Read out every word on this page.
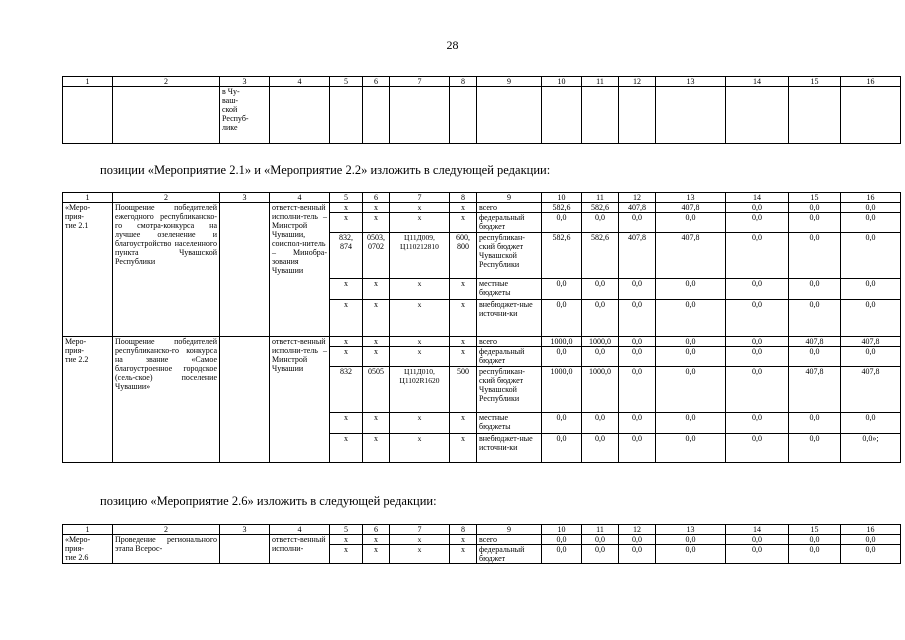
28
1	2	3	4	5	6	7	8	9	10	11	12	13	14	15	16
		в Чу-
ваш-
ской
Респуб-
лике													
позиции «Мероприятие 2.1» и «Мероприятие 2.2» изложить в следующей редакции:
1	2	3	4	5	6	7	8	9	10	11	12	13	14	15	16
«Меро-
прия-
тие 2.1	Поощрение победителей ежегодного республиканско-го смотра-конкурса на лучшее озеленение и благоустройство населенного пункта Чувашской Республики		ответст-венный исполни-тель – Минстрой Чувашии, соиспол-нитель – Минобра-зования Чувашии	x	x	x	x	всего	582,6	582,6	407,8	407,8	0,0	0,0	0,0
				x	x	x	x	федеральный бюджет	0,0	0,0	0,0	0,0	0,0	0,0	0,0
				832,
874	0503,
0702	Ц11Д009,
Ц110212810	600,
800	республикан-ский бюджет Чувашской Республики	582,6	582,6	407,8	407,8	0,0	0,0	0,0
				x	x	x	x	местные бюджеты	0,0	0,0	0,0	0,0	0,0	0,0	0,0
				x	x	x	x	внебюджет-ные источни-ки	0,0	0,0	0,0	0,0	0,0	0,0	0,0
Меро-
прия-
тие 2.2	Поощрение победителей республиканско-го конкурса на звание «Самое благоустроенное городское (сель-ское) поселение Чувашии»		ответст-венный исполни-тель – Минстрой Чувашии	x	x	x	x	всего	1000,0	1000,0	0,0	0,0	0,0	407,8	407,8
				x	x	x	x	федеральный бюджет	0,0	0,0	0,0	0,0	0,0	0,0	0,0
				832	0505	Ц11Д010,
Ц1102R1620	500	республикан-ский бюджет Чувашской Республики	1000,0	1000,0	0,0	0,0	0,0	407,8	407,8
				x	x	x	x	местные бюджеты	0,0	0,0	0,0	0,0	0,0	0,0	0,0
				x	x	x	x	внебюджет-ные источни-ки	0,0	0,0	0,0	0,0	0,0	0,0	0,0»;
позицию «Мероприятие 2.6» изложить в следующей редакции:
1	2	3	4	5	6	7	8	9	10	11	12	13	14	15	16
«Меро-
прия-
тие 2.6	Проведение регионального этапа Всерос-		ответст-венный исполни-	x	x	x	x	всего	0,0	0,0	0,0	0,0	0,0	0,0	0,0
				x	x	x	x	федеральный бюджет	0,0	0,0	0,0	0,0	0,0	0,0	0,0
